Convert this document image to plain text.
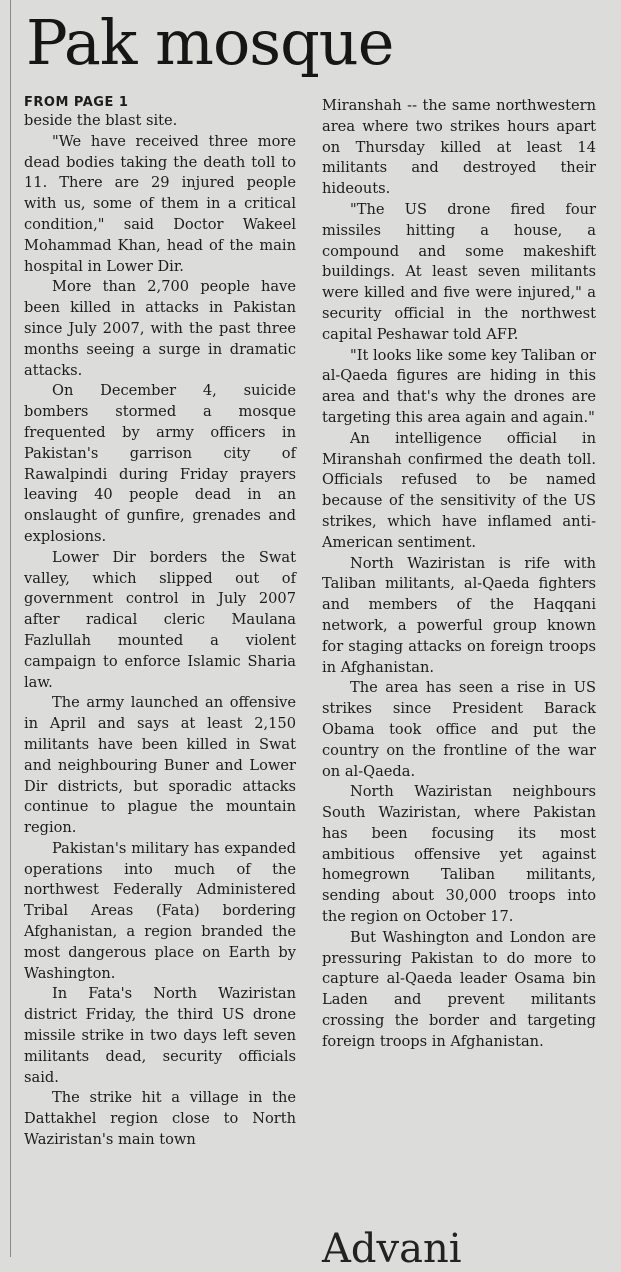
Pak mosque
FROM PAGE 1

beside the blast site.

"We have received three more dead bodies taking the death toll to 11. There are 29 injured people with us, some of them in a critical condition," said Doctor Wakeel Mohammad Khan, head of the main hospital in Lower Dir.

More than 2,700 people have been killed in attacks in Pakistan since July 2007, with the past three months seeing a surge in dramatic attacks.

On December 4, suicide bombers stormed a mosque frequented by army officers in Pakistan's garrison city of Rawalpindi during Friday prayers leaving 40 people dead in an onslaught of gunfire, grenades and explosions.

Lower Dir borders the Swat valley, which slipped out of government control in July 2007 after radical cleric Maulana Fazlullah mounted a violent campaign to enforce Islamic Sharia law.

The army launched an offensive in April and says at least 2,150 militants have been killed in Swat and neighbouring Buner and Lower Dir districts, but sporadic attacks continue to plague the mountain region.

Pakistan's military has expanded operations into much of the northwest Federally Administered Tribal Areas (Fata) bordering Afghanistan, a region branded the most dangerous place on Earth by Washington.

In Fata's North Waziristan district Friday, the third US drone missile strike in two days left seven militants dead, security officials said.

The strike hit a village in the Dattakhel region close to North Waziristan's main town

Miranshah -- the same northwestern area where two strikes hours apart on Thursday killed at least 14 militants and destroyed their hideouts.

"The US drone fired four missiles hitting a house, a compound and some makeshift buildings. At least seven militants were killed and five were injured," a security official in the northwest capital Peshawar told AFP.

"It looks like some key Taliban or al-Qaeda figures are hiding in this area and that's why the drones are targeting this area again and again."

An intelligence official in Miranshah confirmed the death toll. Officials refused to be named because of the sensitivity of the US strikes, which have inflamed anti-American sentiment.

North Waziristan is rife with Taliban militants, al-Qaeda fighters and members of the Haqqani network, a powerful group known for staging attacks on foreign troops in Afghanistan.

The area has seen a rise in US strikes since President Barack Obama took office and put the country on the frontline of the war on al-Qaeda.

North Waziristan neighbours South Waziristan, where Pakistan has been focusing its most ambitious offensive yet against homegrown Taliban militants, sending about 30,000 troops into the region on October 17.

But Washington and London are pressuring Pakistan to do more to capture al-Qaeda leader Osama bin Laden and prevent militants crossing the border and targeting foreign troops in Afghanistan.

Advani
